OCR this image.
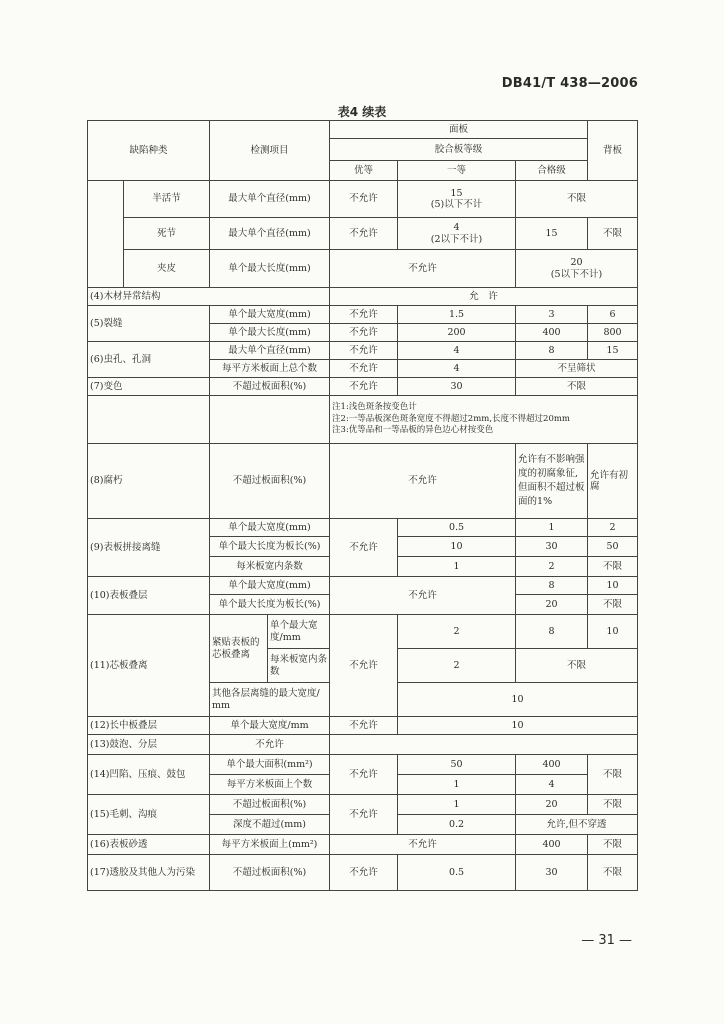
DB41/T 438—2006
表4 续表
缺陷种类		检测项目		面板			背板
				胶合板等级			
				优等	一等	合格级	
	半活节	最大单个直径(mm)		不允许	15
(5)以下不计	不限	
	死节	最大单个直径(mm)		不允许	4
(2以下不计)	15	不限
	夹皮	单个最大长度(mm)		不允许		20
(5以下不计)	
(4)木材异常结构				允　许			
(5)裂缝		单个最大宽度(mm)		不允许	1.5	3	6
		单个最大长度(mm)		不允许	200	400	800
(6)虫孔、孔洞		最大单个直径(mm)		不允许	4	8	15
		每平方米板面上总个数		不允许	4	不呈筛状	
(7)变色		不超过板面积(%)		不允许	30	不限	

				注1:浅色斑条按变色计
注2:一等品板深色斑条宽度不得超过2mm,长度不得超过20mm
注3:优等品和一等品板的异色边心材按变色			

(8)腐朽		不超过板面积(%)		不允许		允许有不影响强度的初腐象征,但面积不超过板面的1%	允许有初腐
(9)表板拼接离缝		单个最大宽度(mm)		不允许	0.5	1	2
		单个最大长度为板长(%)			10	30	50
		每米板宽内条数			1	2	不限
(10)表板叠层		单个最大宽度(mm)		不允许		8	10
		单个最大长度为板长(%)				20	不限
(11)芯板叠离		紧贴表板的芯板叠离	单个最大宽度/mm	不允许	2	8	10
			每米板宽内条数		2	不限	
		其他各层离缝的最大宽度/mm			10		
(12)长中板叠层		单个最大宽度/mm		不允许	10		
(13)鼓泡、分层		不允许					
(14)凹陷、压痕、鼓包		单个最大面积(mm²)		不允许	50	400	不限
		每平方米板面上个数			1	4	
(15)毛刺、沟痕		不超过板面积(%)		不允许	1	20	不限
		深度不超过(mm)			0.2	允许,但不穿透	
(16)表板砂透		每平方米板面上(mm²)		不允许		400	不限
(17)透胶及其他人为污染		不超过板面积(%)		不允许	0.5	30	不限
— 31 —
